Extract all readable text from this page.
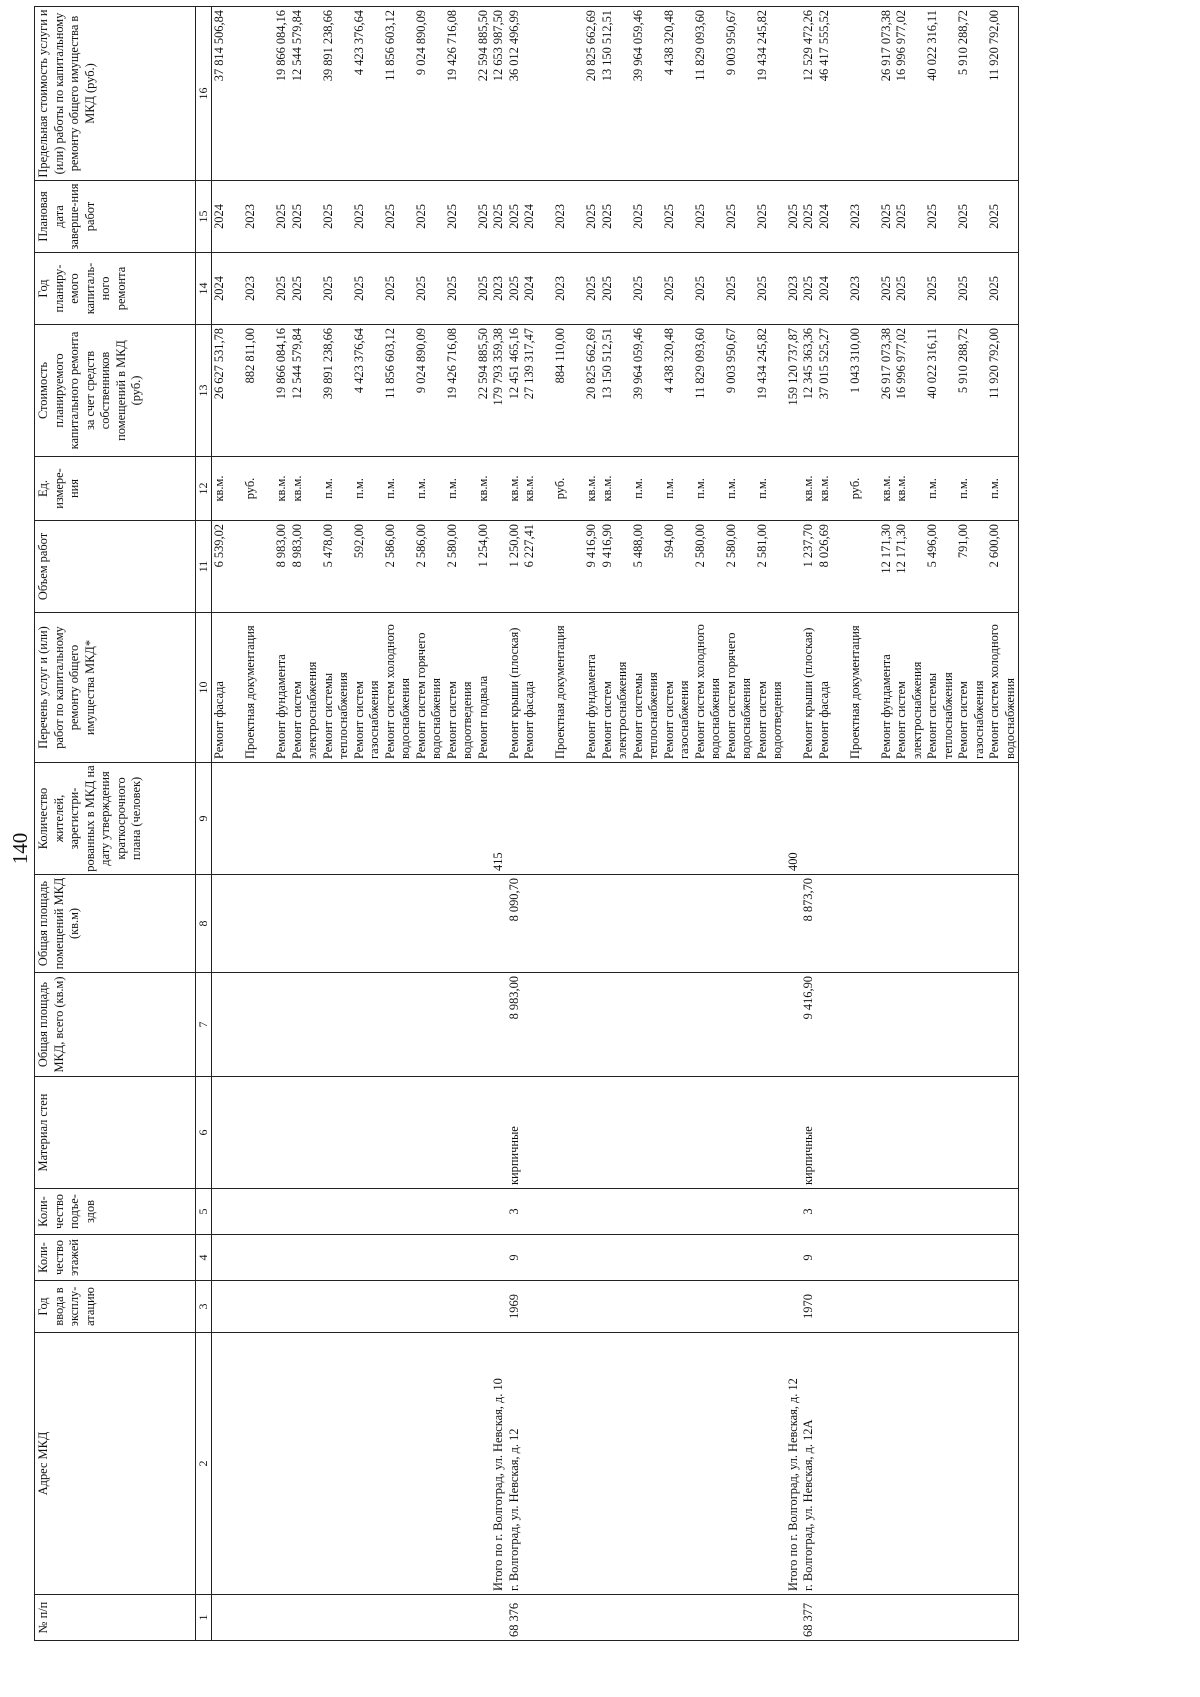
140
№ п/п	Адрес МКД	Год ввода в эксплу-атацию	Коли-чество этажей	Коли-чество подъе-здов	Материал стен	Общая площадь МКД, всего (кв.м)	Общая площадь помещений МКД (кв.м)	Количество жителей, зарегистри-рованных в МКД на дату утверждения краткосрочного плана (человек)	Перечень услуг и (или) работ по капитальному ремонту общего имущества МКД*	Объем работ	Ед. измере-ния	Стоимость планируемого капитального ремонта за счет средств собственников помещений в МКД (руб.)	Год планиру-емого капиталь-ного ремонта	Плановая дата заверше-ния работ	Предельная стоимость услуги и (или) работы по капитальному ремонту общего имущества в МКД (руб.)
1	2	3	4	5	6	7	8	9	10	11	12	13	14	15	16
									Ремонт фасада	6 539,02	кв.м.	26 627 531,78	2024	2024	37 814 506,84

									Проектная документация		руб.	882 811,00	2023	2023	

									Ремонт фундамента	8 983,00	кв.м.	19 866 084,16	2025	2025	19 866 084,16
									Ремонт систем электроснабжения	8 983,00	кв.м.	12 544 579,84	2025	2025	12 544 579,84
									Ремонт системы теплоснабжения	5 478,00	п.м.	39 891 238,66	2025	2025	39 891 238,66
									Ремонт систем газоснабжения	592,00	п.м.	4 423 376,64	2025	2025	4 423 376,64
									Ремонт систем холодного водоснабжения	2 586,00	п.м.	11 856 603,12	2025	2025	11 856 603,12
									Ремонт систем горячего водоснабжения	2 586,00	п.м.	9 024 890,09	2025	2025	9 024 890,09
									Ремонт систем водоотведения	2 580,00	п.м.	19 426 716,08	2025	2025	19 426 716,08
									Ремонт подвала	1 254,00	кв.м.	22 594 885,50	2025	2025	22 594 885,50
	Итого по г. Волгоград, ул. Невская, д. 10							415				179 793 359,38	2023	2025	12 653 987,50
68 376	г. Волгоград, ул. Невская, д. 12	1969	9	3	кирпичные	8 983,00	8 090,70		Ремонт крыши (плоская)	1 250,00	кв.м.	12 451 465,16	2025	2025	36 012 496,99
									Ремонт фасада	6 227,41	кв.м.	27 139 317,47	2024	2024	

									Проектная документация		руб.	884 110,00	2023	2023	

									Ремонт фундамента	9 416,90	кв.м.	20 825 662,69	2025	2025	20 825 662,69
									Ремонт систем электроснабжения	9 416,90	кв.м.	13 150 512,51	2025	2025	13 150 512,51
									Ремонт системы теплоснабжения	5 488,00	п.м.	39 964 059,46	2025	2025	39 964 059,46
									Ремонт систем газоснабжения	594,00	п.м.	4 438 320,48	2025	2025	4 438 320,48
									Ремонт систем холодного водоснабжения	2 580,00	п.м.	11 829 093,60	2025	2025	11 829 093,60
									Ремонт систем горячего водоснабжения	2 580,00	п.м.	9 003 950,67	2025	2025	9 003 950,67
									Ремонт систем водоотведения	2 581,00	п.м.	19 434 245,82	2025	2025	19 434 245,82
	Итого по г. Волгоград, ул. Невская, д. 12							400				159 120 737,87	2023	2025	
68 377	г. Волгоград, ул. Невская, д. 12А	1970	9	3	кирпичные	9 416,90	8 873,70		Ремонт крыши (плоская)	1 237,70	кв.м.	12 345 363,36	2025	2025	12 529 472,26
									Ремонт фасада	8 026,69	кв.м.	37 015 525,27	2024	2024	46 417 555,52

									Проектная документация		руб.	1 043 310,00	2023	2023	

									Ремонт фундамента	12 171,30	кв.м.	26 917 073,38	2025	2025	26 917 073,38
									Ремонт систем электроснабжения	12 171,30	кв.м.	16 996 977,02	2025	2025	16 996 977,02
									Ремонт системы теплоснабжения	5 496,00	п.м.	40 022 316,11	2025	2025	40 022 316,11
									Ремонт систем газоснабжения	791,00	п.м.	5 910 288,72	2025	2025	5 910 288,72
									Ремонт систем холодного водоснабжения	2 600,00	п.м.	11 920 792,00	2025	2025	11 920 792,00
